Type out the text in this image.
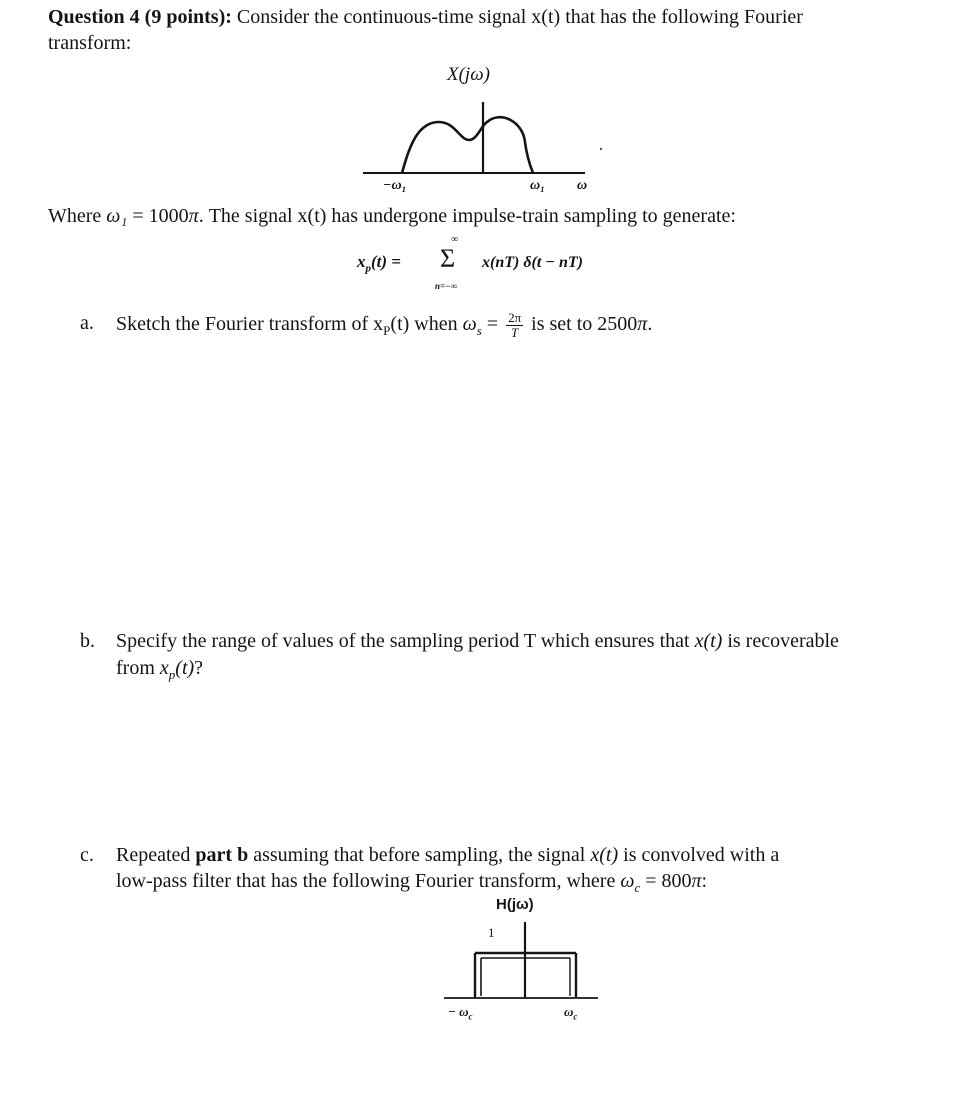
Question 4 (9 points): Consider the continuous-time signal x(t) that has the following Fourier
transform:
X(jω)
−ω₁	ω₁ ω
Where ω₁ = 1000π. The signal x(t) has undergone impulse-train sampling to generate:
$x_p(t)$ =
∞
Σ
n=−∞
x(nT) δ(t − nT)
a. Sketch the Fourier transform of $x_P(t)$ when $\omega_s = \frac{2\pi}{T}$ is set to 2500π.
b. Specify the range of values of the sampling period T which ensures that x(t) is recoverable
from $x_p(t)$?
c. Repeated part b assuming that before sampling, the signal x(t) is convolved with a
low-pass filter that has the following Fourier transform, where $\omega_c = 800\pi$:
H(jω)
1
− $\omega_c$	$\omega_c$
